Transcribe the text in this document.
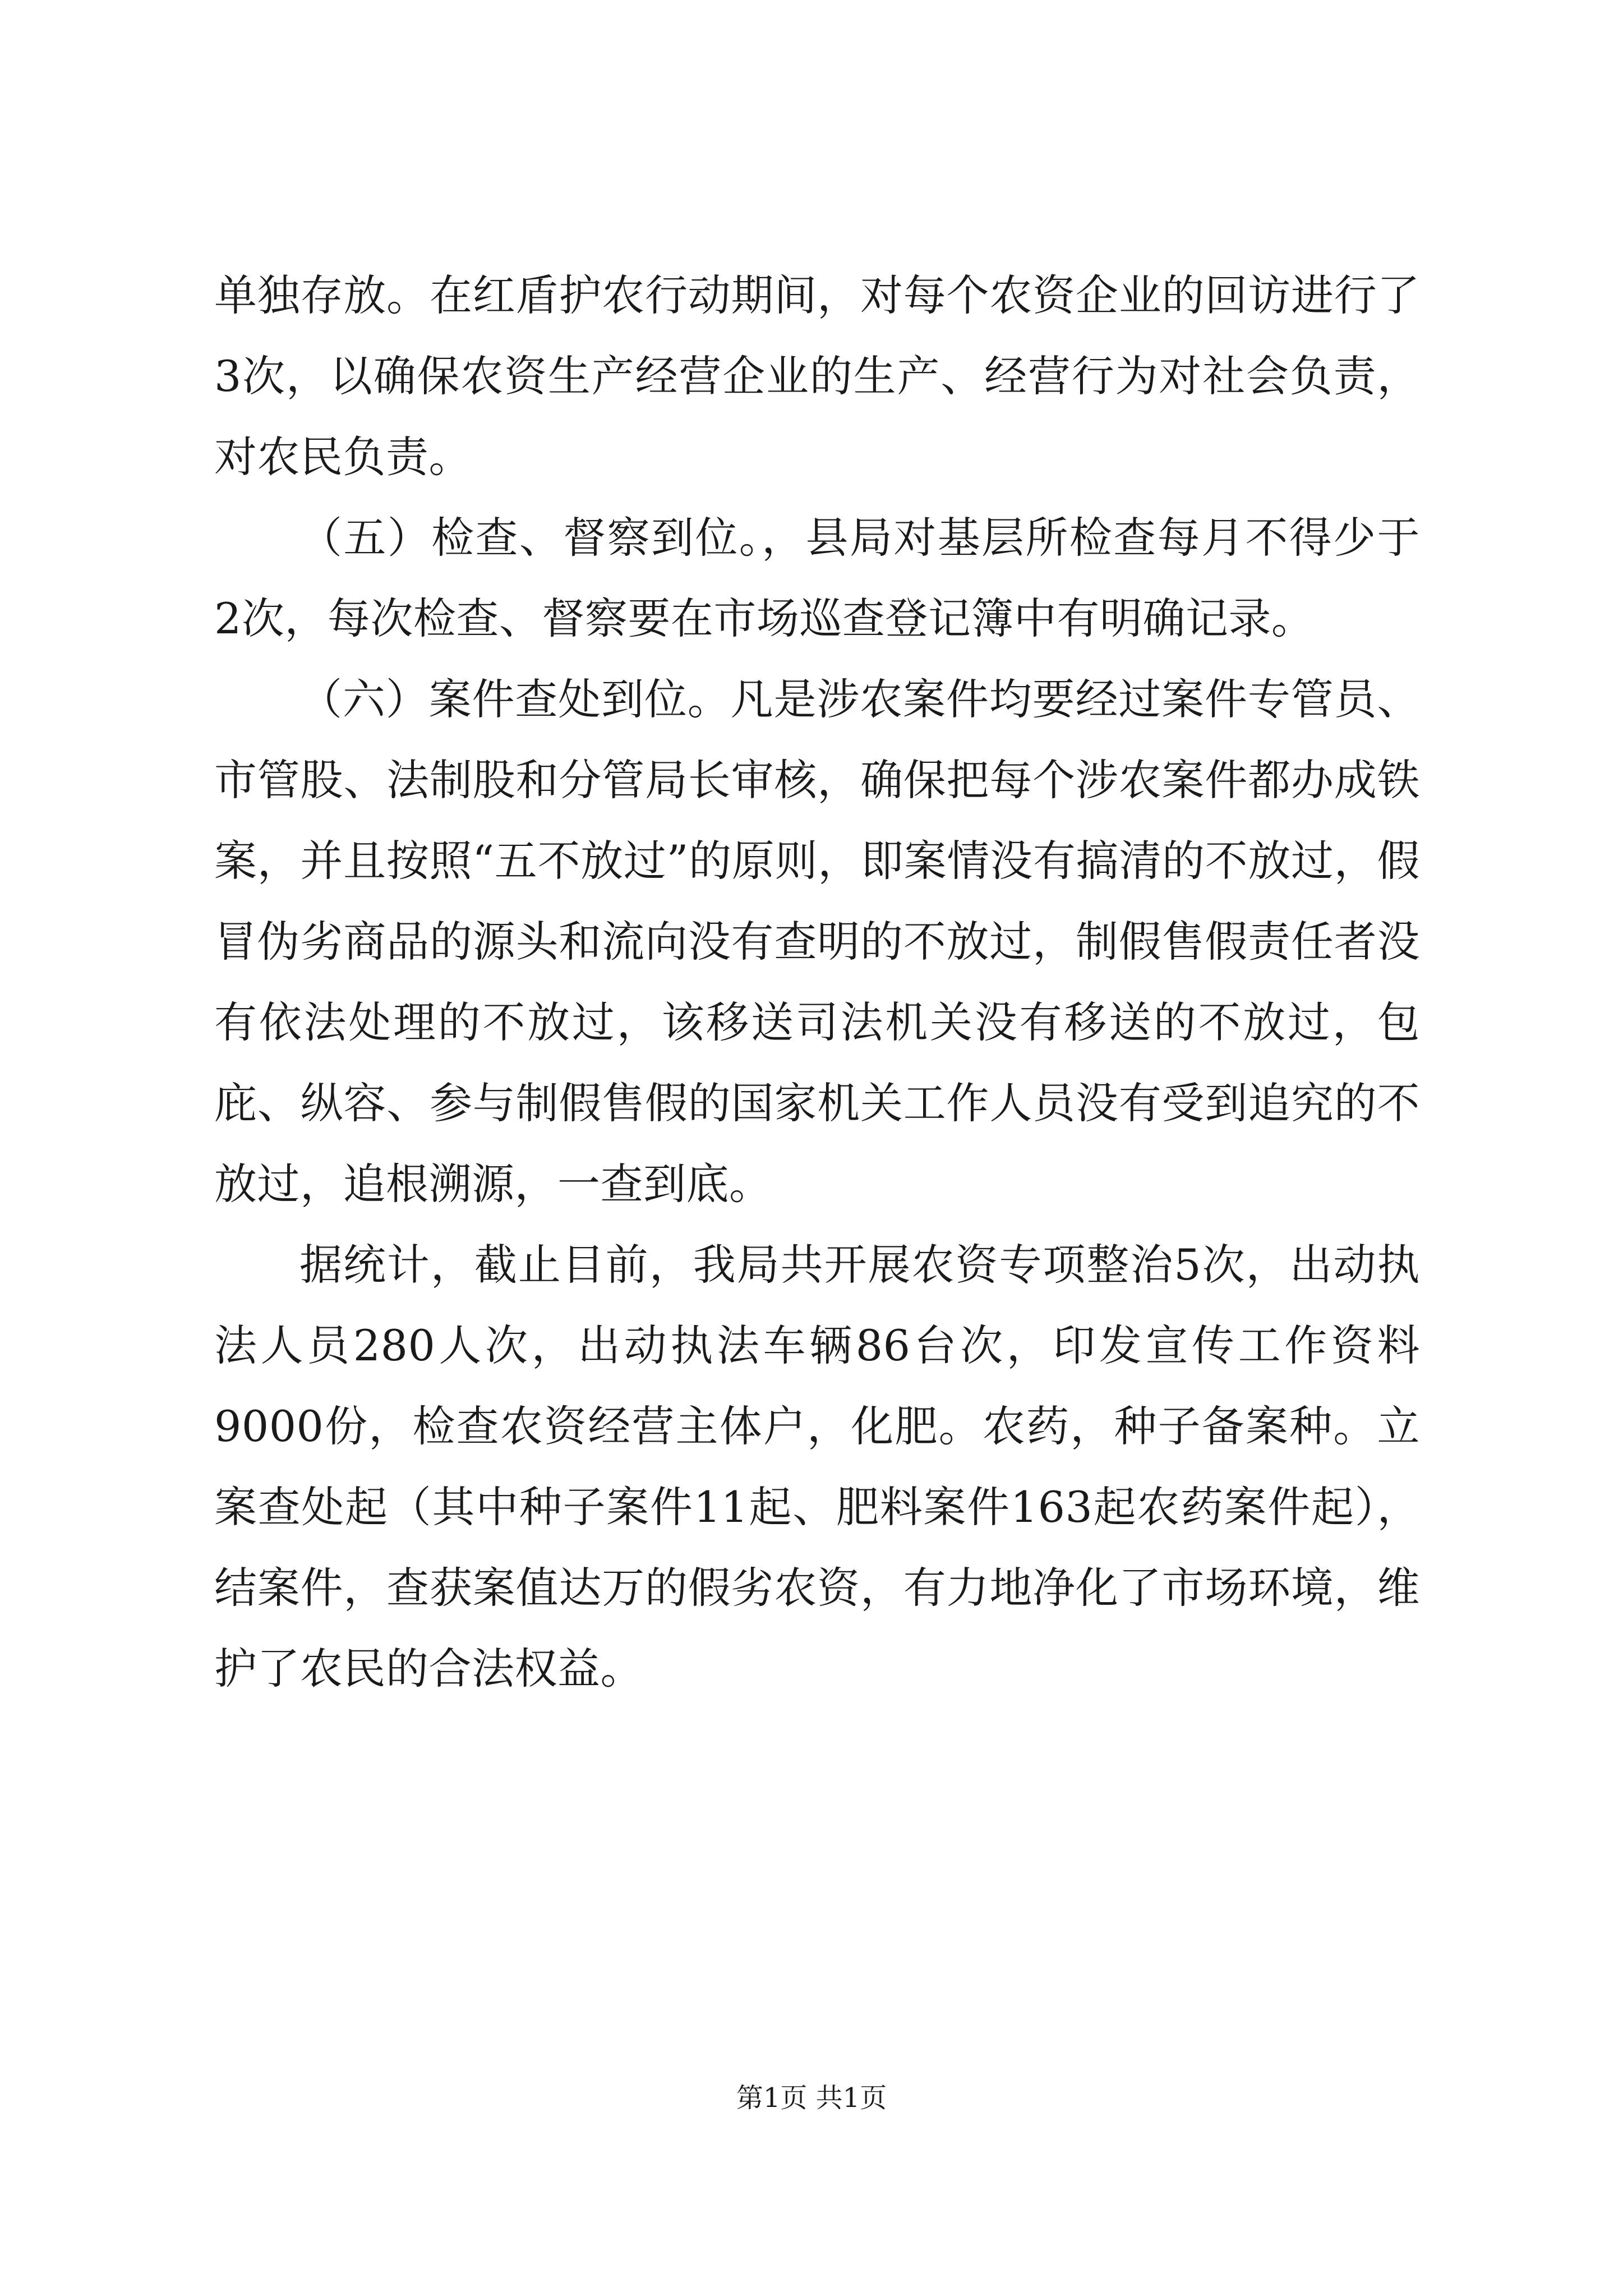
单独存放。在红盾护农行动期间，对每个农资企业的回访进行了3次，以确保农资生产经营企业的生产、经营行为对社会负责，对农民负责。

（五）检查、督察到位。，县局对基层所检查每月不得少于2次，每次检查、督察要在市场巡查登记簿中有明确记录。

（六）案件查处到位。凡是涉农案件均要经过案件专管员、市管股、法制股和分管局长审核，确保把每个涉农案件都办成铁案，并且按照“五不放过”的原则，即案情没有搞清的不放过，假冒伪劣商品的源头和流向没有查明的不放过，制假售假责任者没有依法处理的不放过，该移送司法机关没有移送的不放过，包庇、纵容、参与制假售假的国家机关工作人员没有受到追究的不放过，追根溯源，一查到底。

据统计，截止目前，我局共开展农资专项整治5次，出动执法人员280人次，出动执法车辆86台次，印发宣传工作资料9000份，检查农资经营主体户，化肥。农药，种子备案种。立案查处起（其中种子案件11起、肥料案件163起农药案件起），结案件，查获案值达万的假劣农资，有力地净化了市场环境，维护了农民的合法权益。

第1页 共1页
